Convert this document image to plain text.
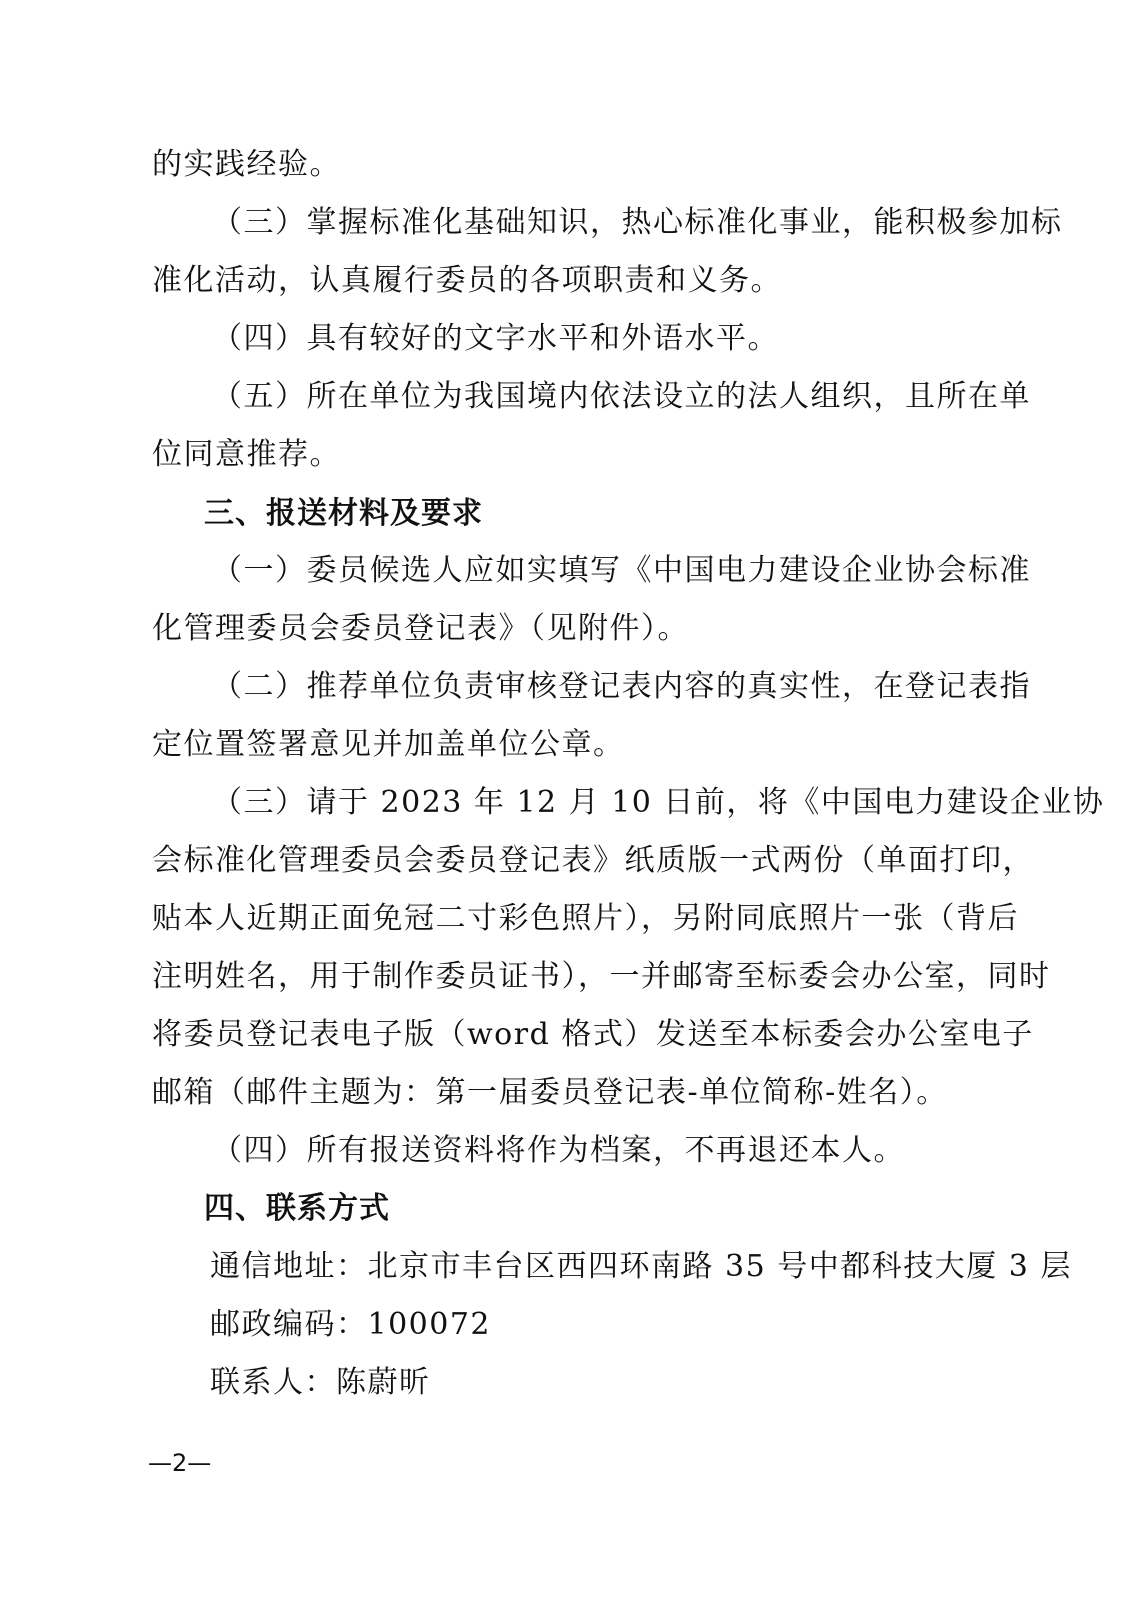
的实践经验。
（三）掌握标准化基础知识，热心标准化事业，能积极参加标
准化活动，认真履行委员的各项职责和义务。
（四）具有较好的文字水平和外语水平。
（五）所在单位为我国境内依法设立的法人组织，且所在单
位同意推荐。
三、报送材料及要求
（一）委员候选人应如实填写《中国电力建设企业协会标准
化管理委员会委员登记表》（见附件）。
（二）推荐单位负责审核登记表内容的真实性，在登记表指
定位置签署意见并加盖单位公章。
（三）请于 2023 年 12 月 10 日前，将《中国电力建设企业协
会标准化管理委员会委员登记表》纸质版一式两份（单面打印，
贴本人近期正面免冠二寸彩色照片），另附同底照片一张（背后
注明姓名，用于制作委员证书），一并邮寄至标委会办公室，同时
将委员登记表电子版（word 格式）发送至本标委会办公室电子
邮箱（邮件主题为：第一届委员登记表-单位简称-姓名）。
（四）所有报送资料将作为档案，不再退还本人。
四、联系方式
通信地址：北京市丰台区西四环南路 35 号中都科技大厦 3 层
邮政编码：100072
联系人：陈蔚昕
—2—
